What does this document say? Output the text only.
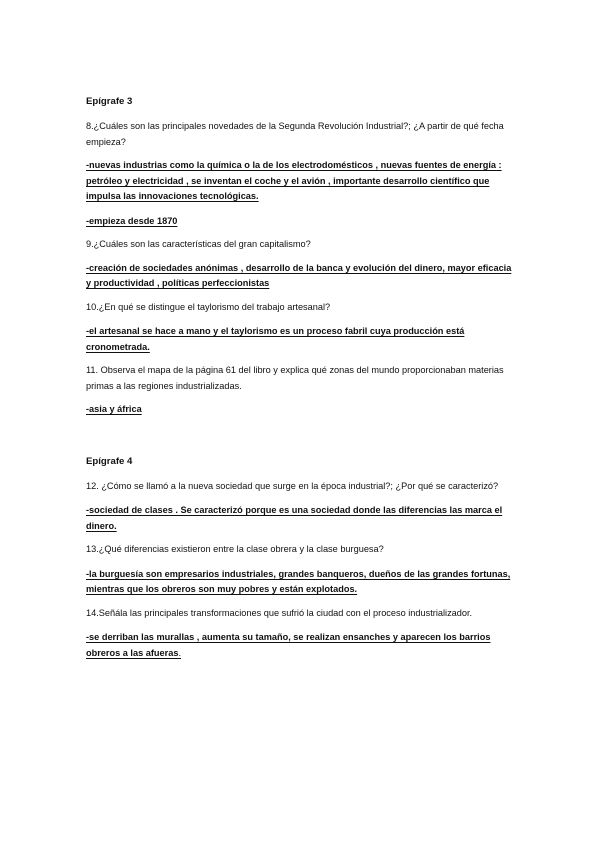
Epígrafe 3

8.¿Cuáles son las principales novedades de la Segunda Revolución Industrial?; ¿A partir de qué fecha empieza?

-nuevas industrias como la química o la de los electrodomésticos , nuevas fuentes de energía : petróleo y electricidad , se inventan el coche y el avión , importante desarrollo científico que impulsa las innovaciones tecnológicas.

-empieza desde 1870

9.¿Cuáles son las características del gran capitalismo?

-creación de sociedades anónimas , desarrollo de la banca y evolución del dinero, mayor eficacia y productividad , políticas perfeccionistas

10.¿En qué se distingue el taylorismo del trabajo artesanal?

-el artesanal se hace a mano y el taylorismo es un proceso fabril cuya producción está cronometrada.

11. Observa el mapa de la página 61 del libro y explica qué zonas del mundo proporcionaban materias primas a las regiones industrializadas.

-asia y áfrica

Epígrafe 4

12. ¿Cómo se llamó a la nueva sociedad que surge en la época industrial?; ¿Por qué se caracterizó?

-sociedad de clases . Se caracterizó porque es una sociedad donde las diferencias las marca el dinero.

13.¿Qué diferencias existieron entre la clase obrera y la clase burguesa?

-la burguesía son empresarios industriales, grandes banqueros, dueños de las grandes fortunas, mientras que los obreros son muy pobres y están explotados.

14.Señála las principales transformaciones que sufrió la ciudad con el proceso industrializador.

-se derriban las murallas , aumenta su tamaño, se realizan ensanches y aparecen los barrios obreros a las afueras.
